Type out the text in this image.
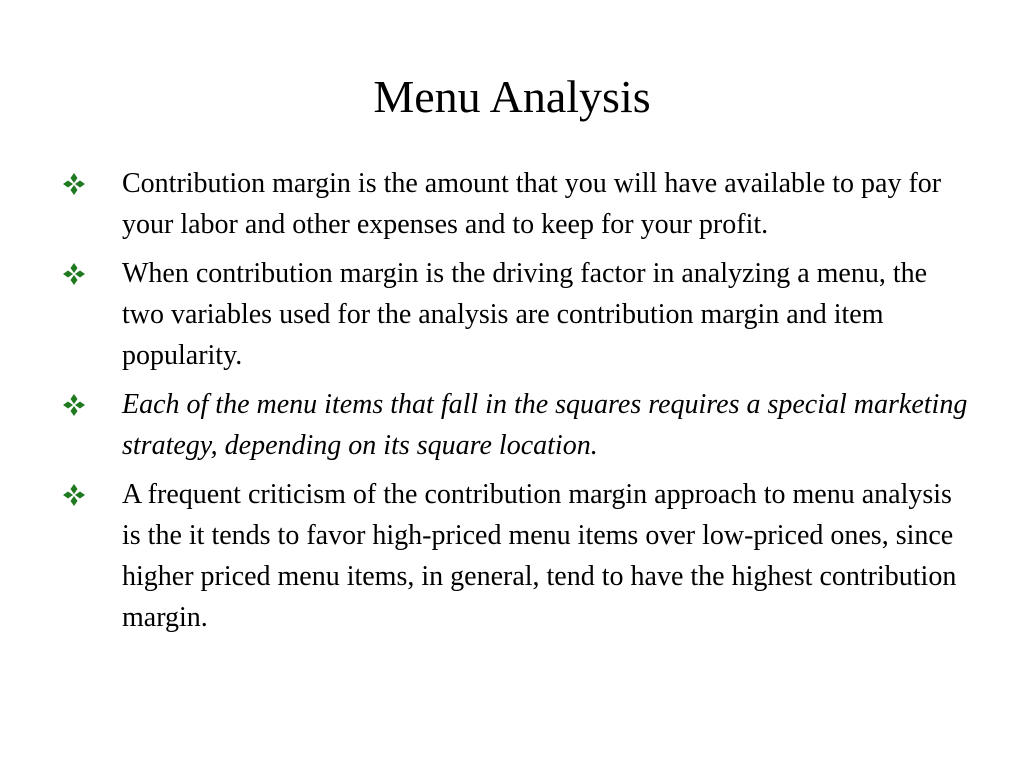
Menu Analysis
Contribution margin is the amount that you will have available to pay for your labor and other expenses and to keep for your profit.
When contribution margin is the driving factor in analyzing a menu, the two variables used for the analysis are contribution margin and item popularity.
Each of the menu items that fall in the squares requires a special marketing strategy, depending on its square location.
A frequent criticism of the contribution margin approach to menu analysis is the it tends to favor high-priced menu items over low-priced ones, since higher priced menu items, in general, tend to have the highest contribution margin.
